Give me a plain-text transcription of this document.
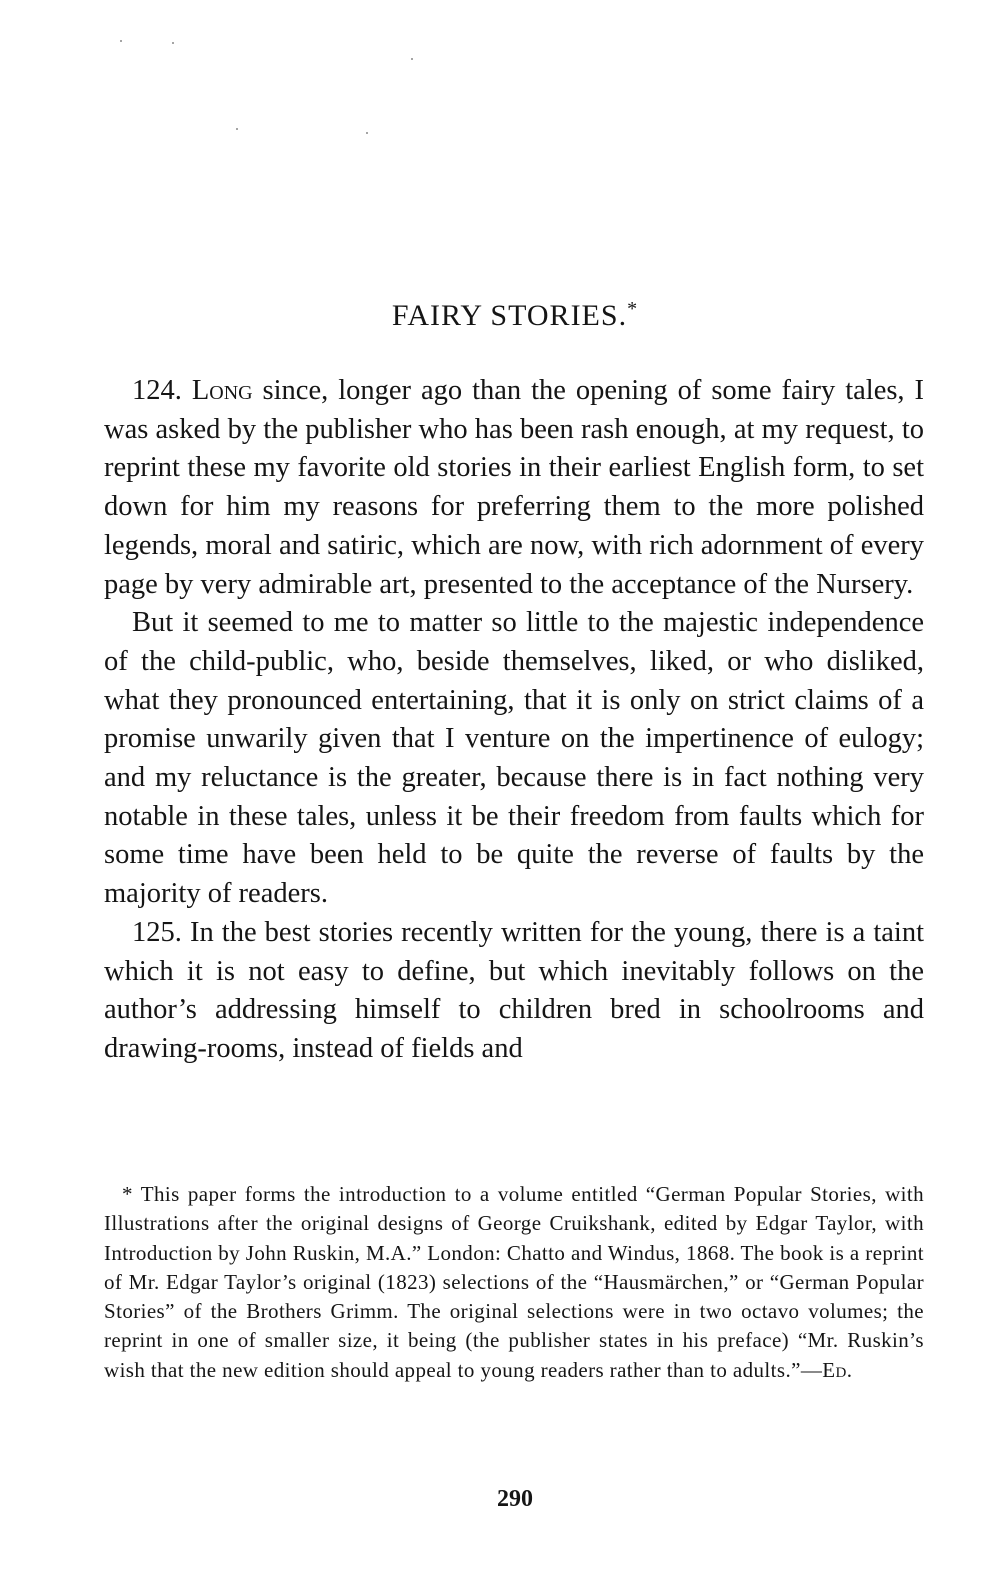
FAIRY STORIES.*

124. Long since, longer ago than the opening of some fairy tales, I was asked by the publisher who has been rash enough, at my request, to reprint these my favorite old stories in their earliest English form, to set down for him my reasons for preferring them to the more polished legends, moral and satiric, which are now, with rich adornment of every page by very admirable art, presented to the acceptance of the Nursery.

But it seemed to me to matter so little to the majestic independence of the child-public, who, beside themselves, liked, or who disliked, what they pronounced entertaining, that it is only on strict claims of a promise unwarily given that I venture on the impertinence of eulogy; and my reluctance is the greater, because there is in fact nothing very notable in these tales, unless it be their freedom from faults which for some time have been held to be quite the reverse of faults by the majority of readers.

125. In the best stories recently written for the young, there is a taint which it is not easy to define, but which inevitably follows on the author’s addressing himself to children bred in schoolrooms and drawing-rooms, instead of fields and

* This paper forms the introduction to a volume entitled “German Popular Stories, with Illustrations after the original designs of George Cruikshank, edited by Edgar Taylor, with Introduction by John Ruskin, M.A.” London: Chatto and Windus, 1868. The book is a reprint of Mr. Edgar Taylor’s original (1823) selections of the “Hausmärchen,” or “German Popular Stories” of the Brothers Grimm. The original selections were in two octavo volumes; the reprint in one of smaller size, it being (the publisher states in his preface) “Mr. Ruskin’s wish that the new edition should appeal to young readers rather than to adults.”—Ed.

290
